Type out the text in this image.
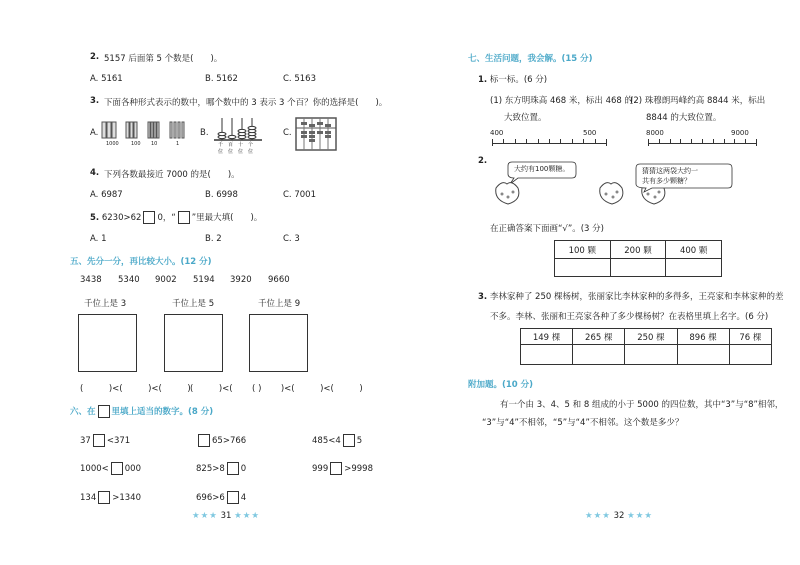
2. 5157 后面第 5 个数是(　　)。
A. 5161	B. 5162	C. 5163
3. 下面各种形式表示的数中，哪个数中的 3 表示 3 个百？你的选择是(　　)。
A.
1000 100 10	1
B.
千 百 十 个
位 位 位 位
C.
4. 下列各数最接近 7000 的是(　　)。
A. 6987	B. 6998	C. 7001
5. 6230>62 0，“ ”里最大填(　　)。
A. 1	B. 2	C. 3
五、先分一分，再比较大小。(12 分)
3438 5340 9002 5194 3920 9660
千位上是 3	千位上是 5	千位上是 9
(　　　)<(　　　)<(　　　) (　　　)<(　　　)
(　　　)<(　　　)<(　　　)
六、在 里填上适当的数字。(8 分)
37 <371	65>766	485<4 5
1000< 000	825>8 0	999 >9998
134 >1340	696>6 4
★★★ 31 ★★★
七、生活问题，我会解。(15 分)
1. 标一标。(6 分)
(1) 东方明珠高 468 米，标出 468 的
大致位置。
(2) 珠穆朗玛峰约高 8844 米，标出
8844 的大致位置。
400	500	8000	9000
2.
大约有100颗糖。	猜猜这两袋大约一
共有多少颗糖？
在正确答案下面画“√”。(3 分)
100 颗	200 颗	400 颗

3. 李林家种了 250 棵杨树，张丽家比李林家种的多得多，王亮家和李林家种的差
不多。李林、张丽和王亮家各种了多少棵杨树？在表格里填上名字。(6 分)
149 棵	265 棵	250 棵	896 棵	76 棵

附加题。(10 分)
有一个由 3、4、5 和 8 组成的小于 5000 的四位数，其中“3”与“8”相邻，
“3”与“4”不相邻，“5”与“4”不相邻。这个数是多少？
★★★ 32 ★★★
